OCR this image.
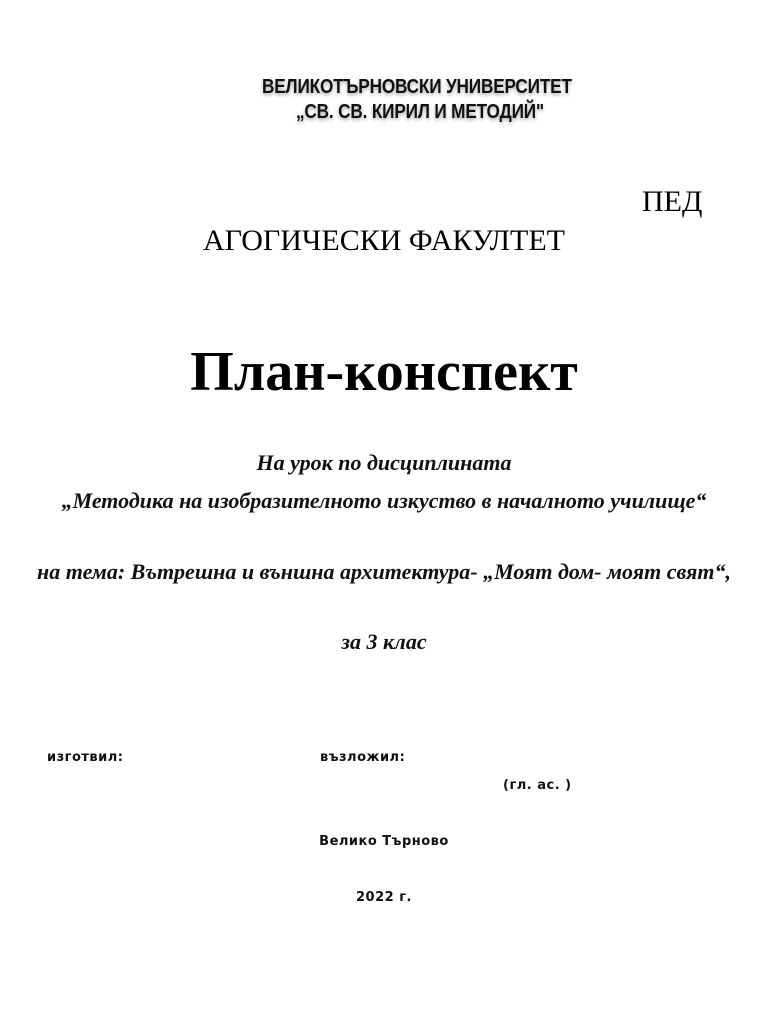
ВЕЛИКОТЪРНОВСКИ УНИВЕРСИТЕТ
„СВ. СВ. КИРИЛ И МЕТОДИЙ"
ПЕД
АГОГИЧЕСКИ ФАКУЛТЕТ
План-конспект
На урок по дисциплината
„Методика на изобразителното изкуство в началното училище“
на тема: Вътрешна и външна архитектура- „Моят дом- моят свят“,
за 3 клас
изготвил:	възложил:
(гл. ас. )
Велико Търново
2022 г.
